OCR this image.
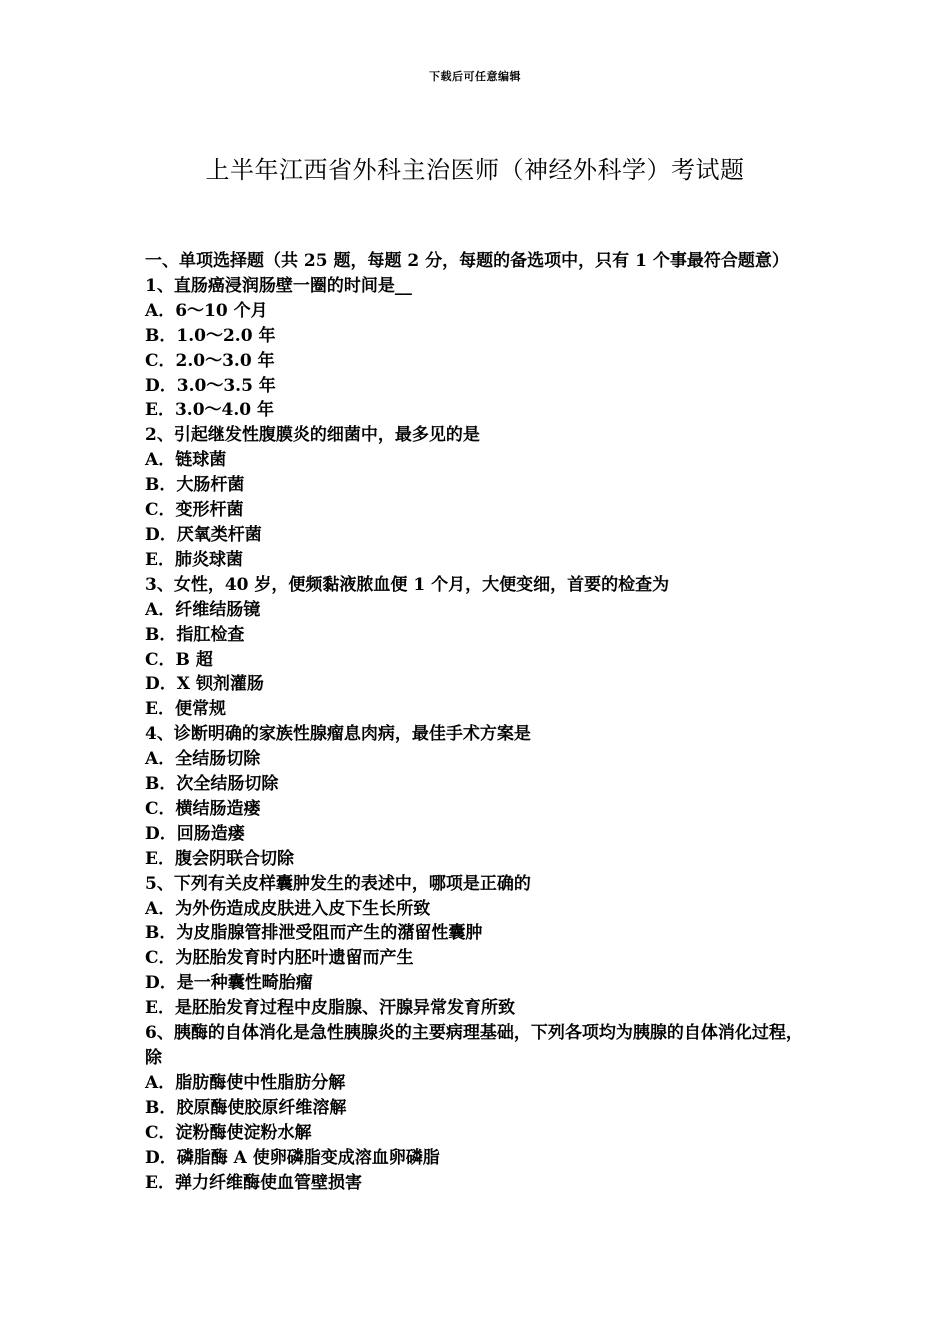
下载后可任意编辑
上半年江西省外科主治医师（神经外科学）考试题
一、单项选择题（共 25 题，每题 2 分，每题的备选项中，只有 1 个事最符合题意）
1、直肠癌浸润肠壁一圈的时间是__
A．6～10 个月
B．1.0～2.0 年
C．2.0～3.0 年
D．3.0～3.5 年
E．3.0～4.0 年
2、引起继发性腹膜炎的细菌中，最多见的是
A．链球菌
B．大肠杆菌
C．变形杆菌
D．厌氧类杆菌
E．肺炎球菌
3、女性，40 岁，便频黏液脓血便 1 个月，大便变细，首要的检查为
A．纤维结肠镜
B．指肛检查
C．B 超
D．X 钡剂灌肠
E．便常规
4、诊断明确的家族性腺瘤息肉病，最佳手术方案是
A．全结肠切除
B．次全结肠切除
C．横结肠造瘘
D．回肠造瘘
E．腹会阴联合切除
5、下列有关皮样囊肿发生的表述中，哪项是正确的
A．为外伤造成皮肤进入皮下生长所致
B．为皮脂腺管排泄受阻而产生的潴留性囊肿
C．为胚胎发育时内胚叶遗留而产生
D．是一种囊性畸胎瘤
E．是胚胎发育过程中皮脂腺、汗腺异常发育所致
6、胰酶的自体消化是急性胰腺炎的主要病理基础，下列各项均为胰腺的自体消化过程，除
A．脂肪酶使中性脂肪分解
B．胶原酶使胶原纤维溶解
C．淀粉酶使淀粉水解
D．磷脂酶 A 使卵磷脂变成溶血卵磷脂
E．弹力纤维酶使血管壁损害
